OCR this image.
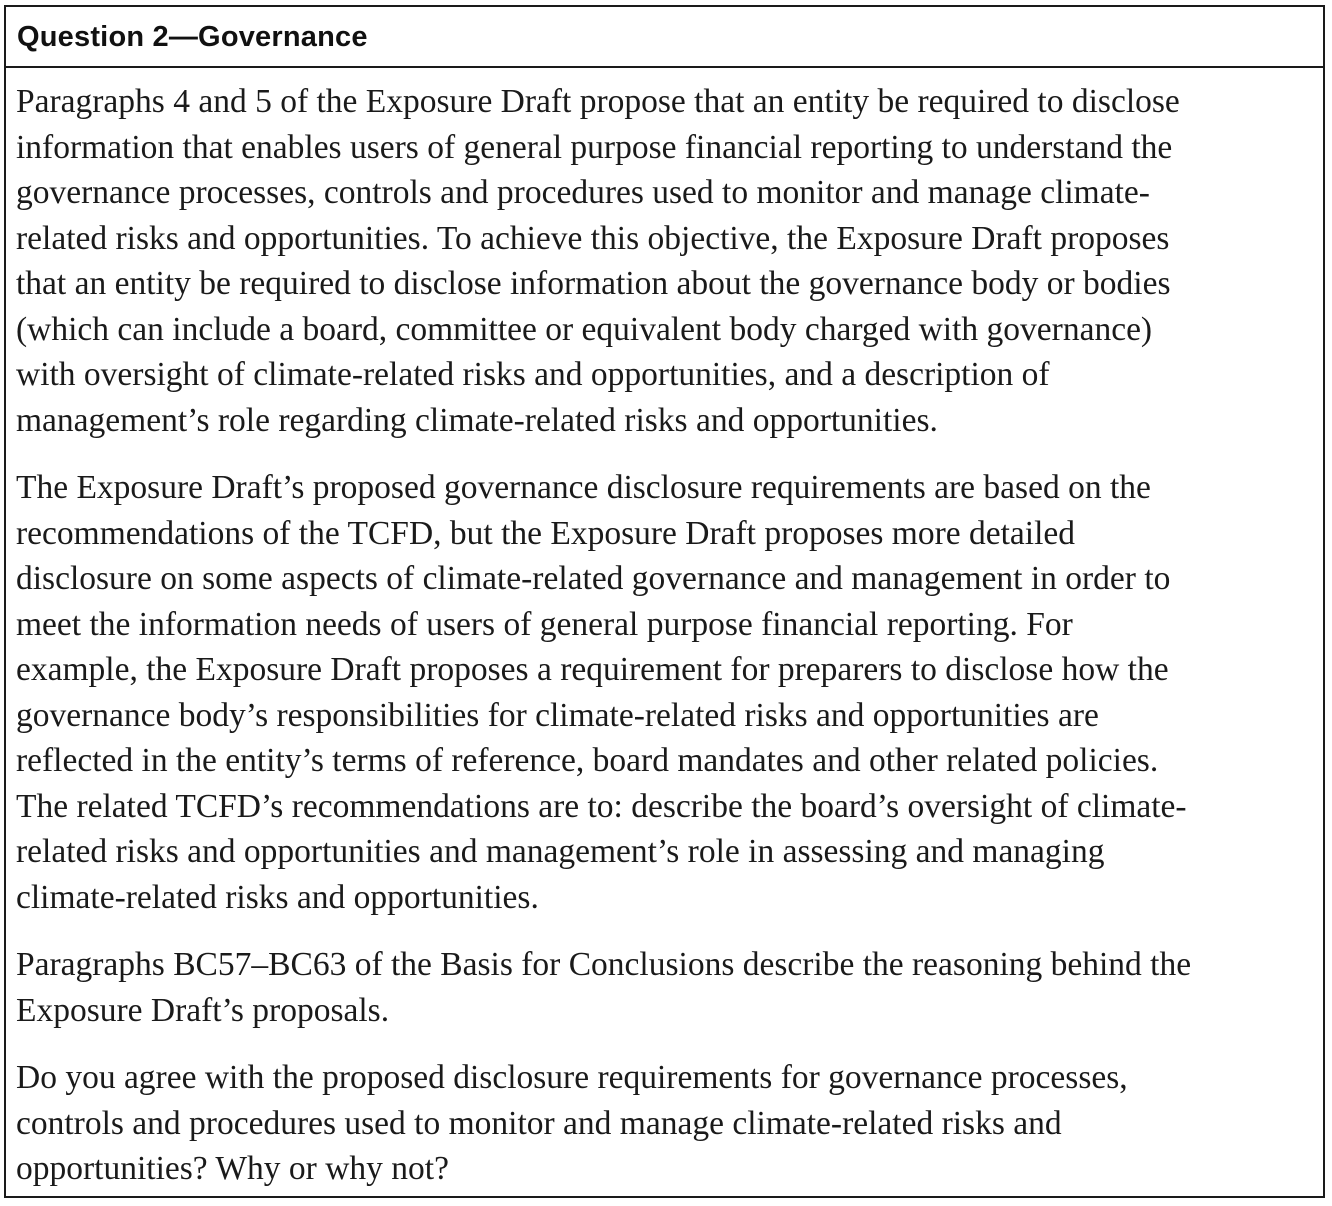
Question 2—Governance

Paragraphs 4 and 5 of the Exposure Draft propose that an entity be required to disclose
information that enables users of general purpose financial reporting to understand the
governance processes, controls and procedures used to monitor and manage climate-
related risks and opportunities. To achieve this objective, the Exposure Draft proposes
that an entity be required to disclose information about the governance body or bodies
(which can include a board, committee or equivalent body charged with governance)
with oversight of climate-related risks and opportunities, and a description of
management’s role regarding climate-related risks and opportunities.

The Exposure Draft’s proposed governance disclosure requirements are based on the
recommendations of the TCFD, but the Exposure Draft proposes more detailed
disclosure on some aspects of climate-related governance and management in order to
meet the information needs of users of general purpose financial reporting. For
example, the Exposure Draft proposes a requirement for preparers to disclose how the
governance body’s responsibilities for climate-related risks and opportunities are
reflected in the entity’s terms of reference, board mandates and other related policies.
The related TCFD’s recommendations are to: describe the board’s oversight of climate-
related risks and opportunities and management’s role in assessing and managing
climate-related risks and opportunities.

Paragraphs BC57–BC63 of the Basis for Conclusions describe the reasoning behind the
Exposure Draft’s proposals.

Do you agree with the proposed disclosure requirements for governance processes,
controls and procedures used to monitor and manage climate-related risks and
opportunities? Why or why not?
